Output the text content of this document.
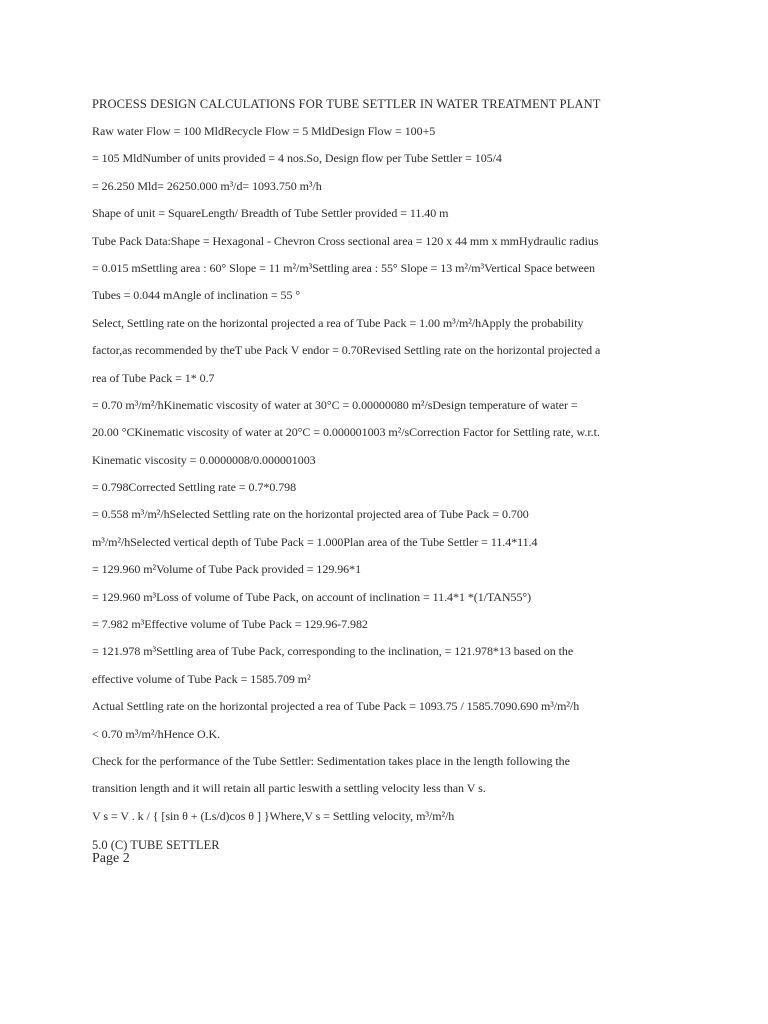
PROCESS DESIGN CALCULATIONS FOR TUBE SETTLER IN WATER TREATMENT PLANT
Raw water Flow = 100 MldRecycle Flow = 5 MldDesign Flow = 100+5
= 105 MldNumber of units provided = 4 nos.So, Design flow per Tube Settler = 105/4
= 26.250 Mld= 26250.000 m³/d= 1093.750 m³/h
Shape of unit = SquareLength/ Breadth of Tube Settler provided = 11.40 m
Tube Pack Data:Shape = Hexagonal - Chevron Cross sectional area = 120 x 44 mm x mmHydraulic radius
= 0.015 mSettling area : 60° Slope = 11 m²/m³Settling area : 55° Slope = 13 m²/m³Vertical Space between
Tubes = 0.044 mAngle of inclination = 55 °
Select, Settling rate on the horizontal projected a rea of Tube Pack = 1.00 m³/m²/hApply the probability
factor,as recommended by theT ube Pack V endor = 0.70Revised Settling rate on the horizontal projected a
rea of Tube Pack = 1* 0.7
= 0.70 m³/m²/hKinematic viscosity of water at 30°C = 0.00000080 m²/sDesign temperature of water =
20.00 °CKinematic viscosity of water at 20°C = 0.000001003 m²/sCorrection Factor for Settling rate, w.r.t.
Kinematic viscosity = 0.0000008/0.000001003
= 0.798Corrected Settling rate = 0.7*0.798
= 0.558 m³/m²/hSelected Settling rate on the horizontal projected area of Tube Pack = 0.700
m³/m²/hSelected vertical depth of Tube Pack = 1.000Plan area of the Tube Settler = 11.4*11.4
= 129.960 m²Volume of Tube Pack provided = 129.96*1
= 129.960 m³Loss of volume of Tube Pack, on account of inclination = 11.4*1 *(1/TAN55°)
= 7.982 m³Effective volume of Tube Pack = 129.96-7.982
= 121.978 m³Settling area of Tube Pack, corresponding to the inclination, = 121.978*13 based on the
effective volume of Tube Pack = 1585.709 m²
Actual Settling rate on the horizontal projected a rea of Tube Pack = 1093.75 / 1585.7090.690 m³/m²/h
< 0.70 m³/m²/hHence O.K.
Check for the performance of the Tube Settler: Sedimentation takes place in the length following the
transition length and it will retain all partic leswith a settling velocity less than V s.
V s = V . k / { [sin θ + (Ls/d)cos θ ] }Where,V s = Settling velocity, m³/m²/h
5.0 (C) TUBE SETTLER
Page 2
